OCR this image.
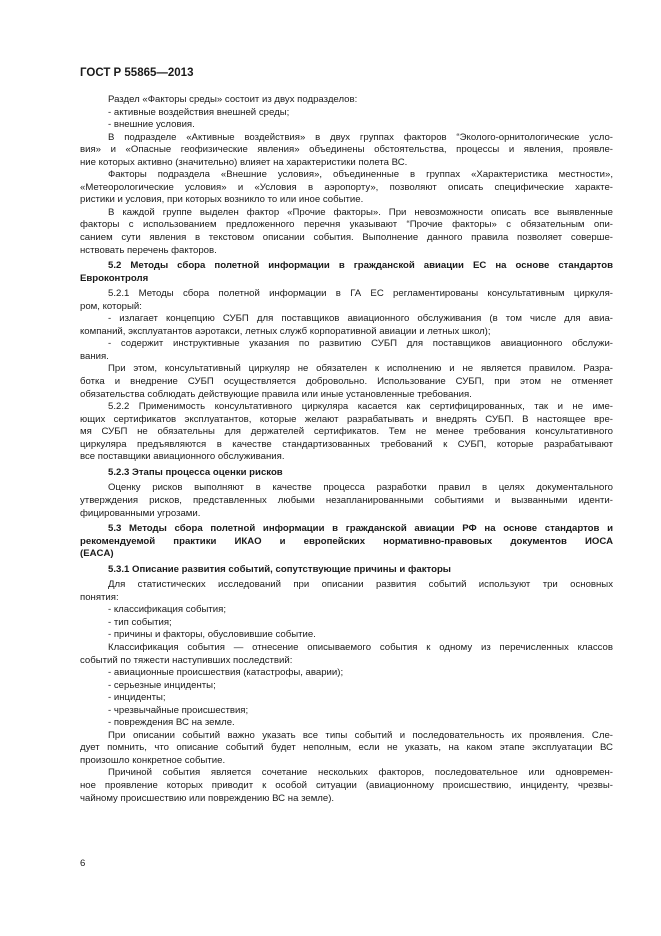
ГОСТ Р 55865—2013
Раздел «Факторы среды» состоит из двух подразделов:
- активные воздействия внешней среды;
- внешние условия.
В подразделе «Активные воздействия» в двух группах факторов “Эколого-орнитологические усло-
вия» и «Опасные геофизические явления» объединены обстоятельства, процессы и явления, проявле-
ние которых активно (значительно) влияет на характеристики полета ВС.
Факторы подраздела «Внешние условия», объединенные в группах «Характеристика местности»,
«Метеорологические условия» и «Условия в аэропорту», позволяют описать специфические характе-
ристики и условия, при которых возникло то или иное событие.
В каждой группе выделен фактор «Прочие факторы». При невозможности описать все выявленные
факторы с использованием предложенного перечня указывают “Прочие факторы» с обязательным опи-
санием сути явления в текстовом описании события. Выполнение данного правила позволяет соверше-
нствовать перечень факторов.
5.2 Методы сбора полетной информации в гражданской авиации ЕС на основе стандартов
Евроконтроля
5.2.1 Методы сбора полетной информации в ГА ЕС регламентированы консультативным циркуля-
ром, который:
- излагает концепцию СУБП для поставщиков авиационного обслуживания (в том числе для авиа-
компаний, эксплуатантов аэротакси, летных служб корпоративной авиации и летных школ);
- содержит инструктивные указания по развитию СУБП для поставщиков авиационного обслужи-
вания.
При этом, консультативный циркуляр не обязателен к исполнению и не является правилом. Разра-
ботка и внедрение СУБП осуществляется добровольно. Использование СУБП, при этом не отменяет
обязательства соблюдать действующие правила или иные установленные требования.
5.2.2 Применимость консультативного циркуляра касается как сертифицированных, так и не име-
ющих сертификатов эксплуатантов, которые желают разрабатывать и внедрять СУБП. В настоящее вре-
мя СУБП не обязательны для держателей сертификатов. Тем не менее требования консультативного
циркуляра предъявляются в качестве стандартизованных требований к СУБП, которые разрабатывают
все поставщики авиационного обслуживания.
5.2.3 Этапы процесса оценки рисков
Оценку рисков выполняют в качестве процесса разработки правил в целях документального
утверждения рисков, представленных любыми незапланированными событиями и вызванными иденти-
фицированными угрозами.
5.3 Методы сбора полетной информации в гражданской авиации РФ на основе стандартов и
рекомендуемой практики ИКАО и европейских нормативно-правовых документов ИОСА
(EACA)
5.3.1 Описание развития событий, сопутствующие причины и факторы
Для статистических исследований при описании развития событий используют три основных
понятия:
- классификация события;
- тип события;
- причины и факторы, обусловившие событие.
Классификация события — отнесение описываемого события к одному из перечисленных классов
событий по тяжести наступивших последствий:
- авиационные происшествия (катастрофы, аварии);
- серьезные инциденты;
- инциденты;
- чрезвычайные происшествия;
- повреждения ВС на земле.
При описании событий важно указать все типы событий и последовательность их проявления. Сле-
дует помнить, что описание событий будет неполным, если не указать, на каком этапе эксплуатации ВС
произошло конкретное событие.
Причиной события является сочетание нескольких факторов, последовательное или одновремен-
ное проявление которых приводит к особой ситуации (авиационному происшествию, инциденту, чрезвы-
чайному происшествию или повреждению ВС на земле).
6
